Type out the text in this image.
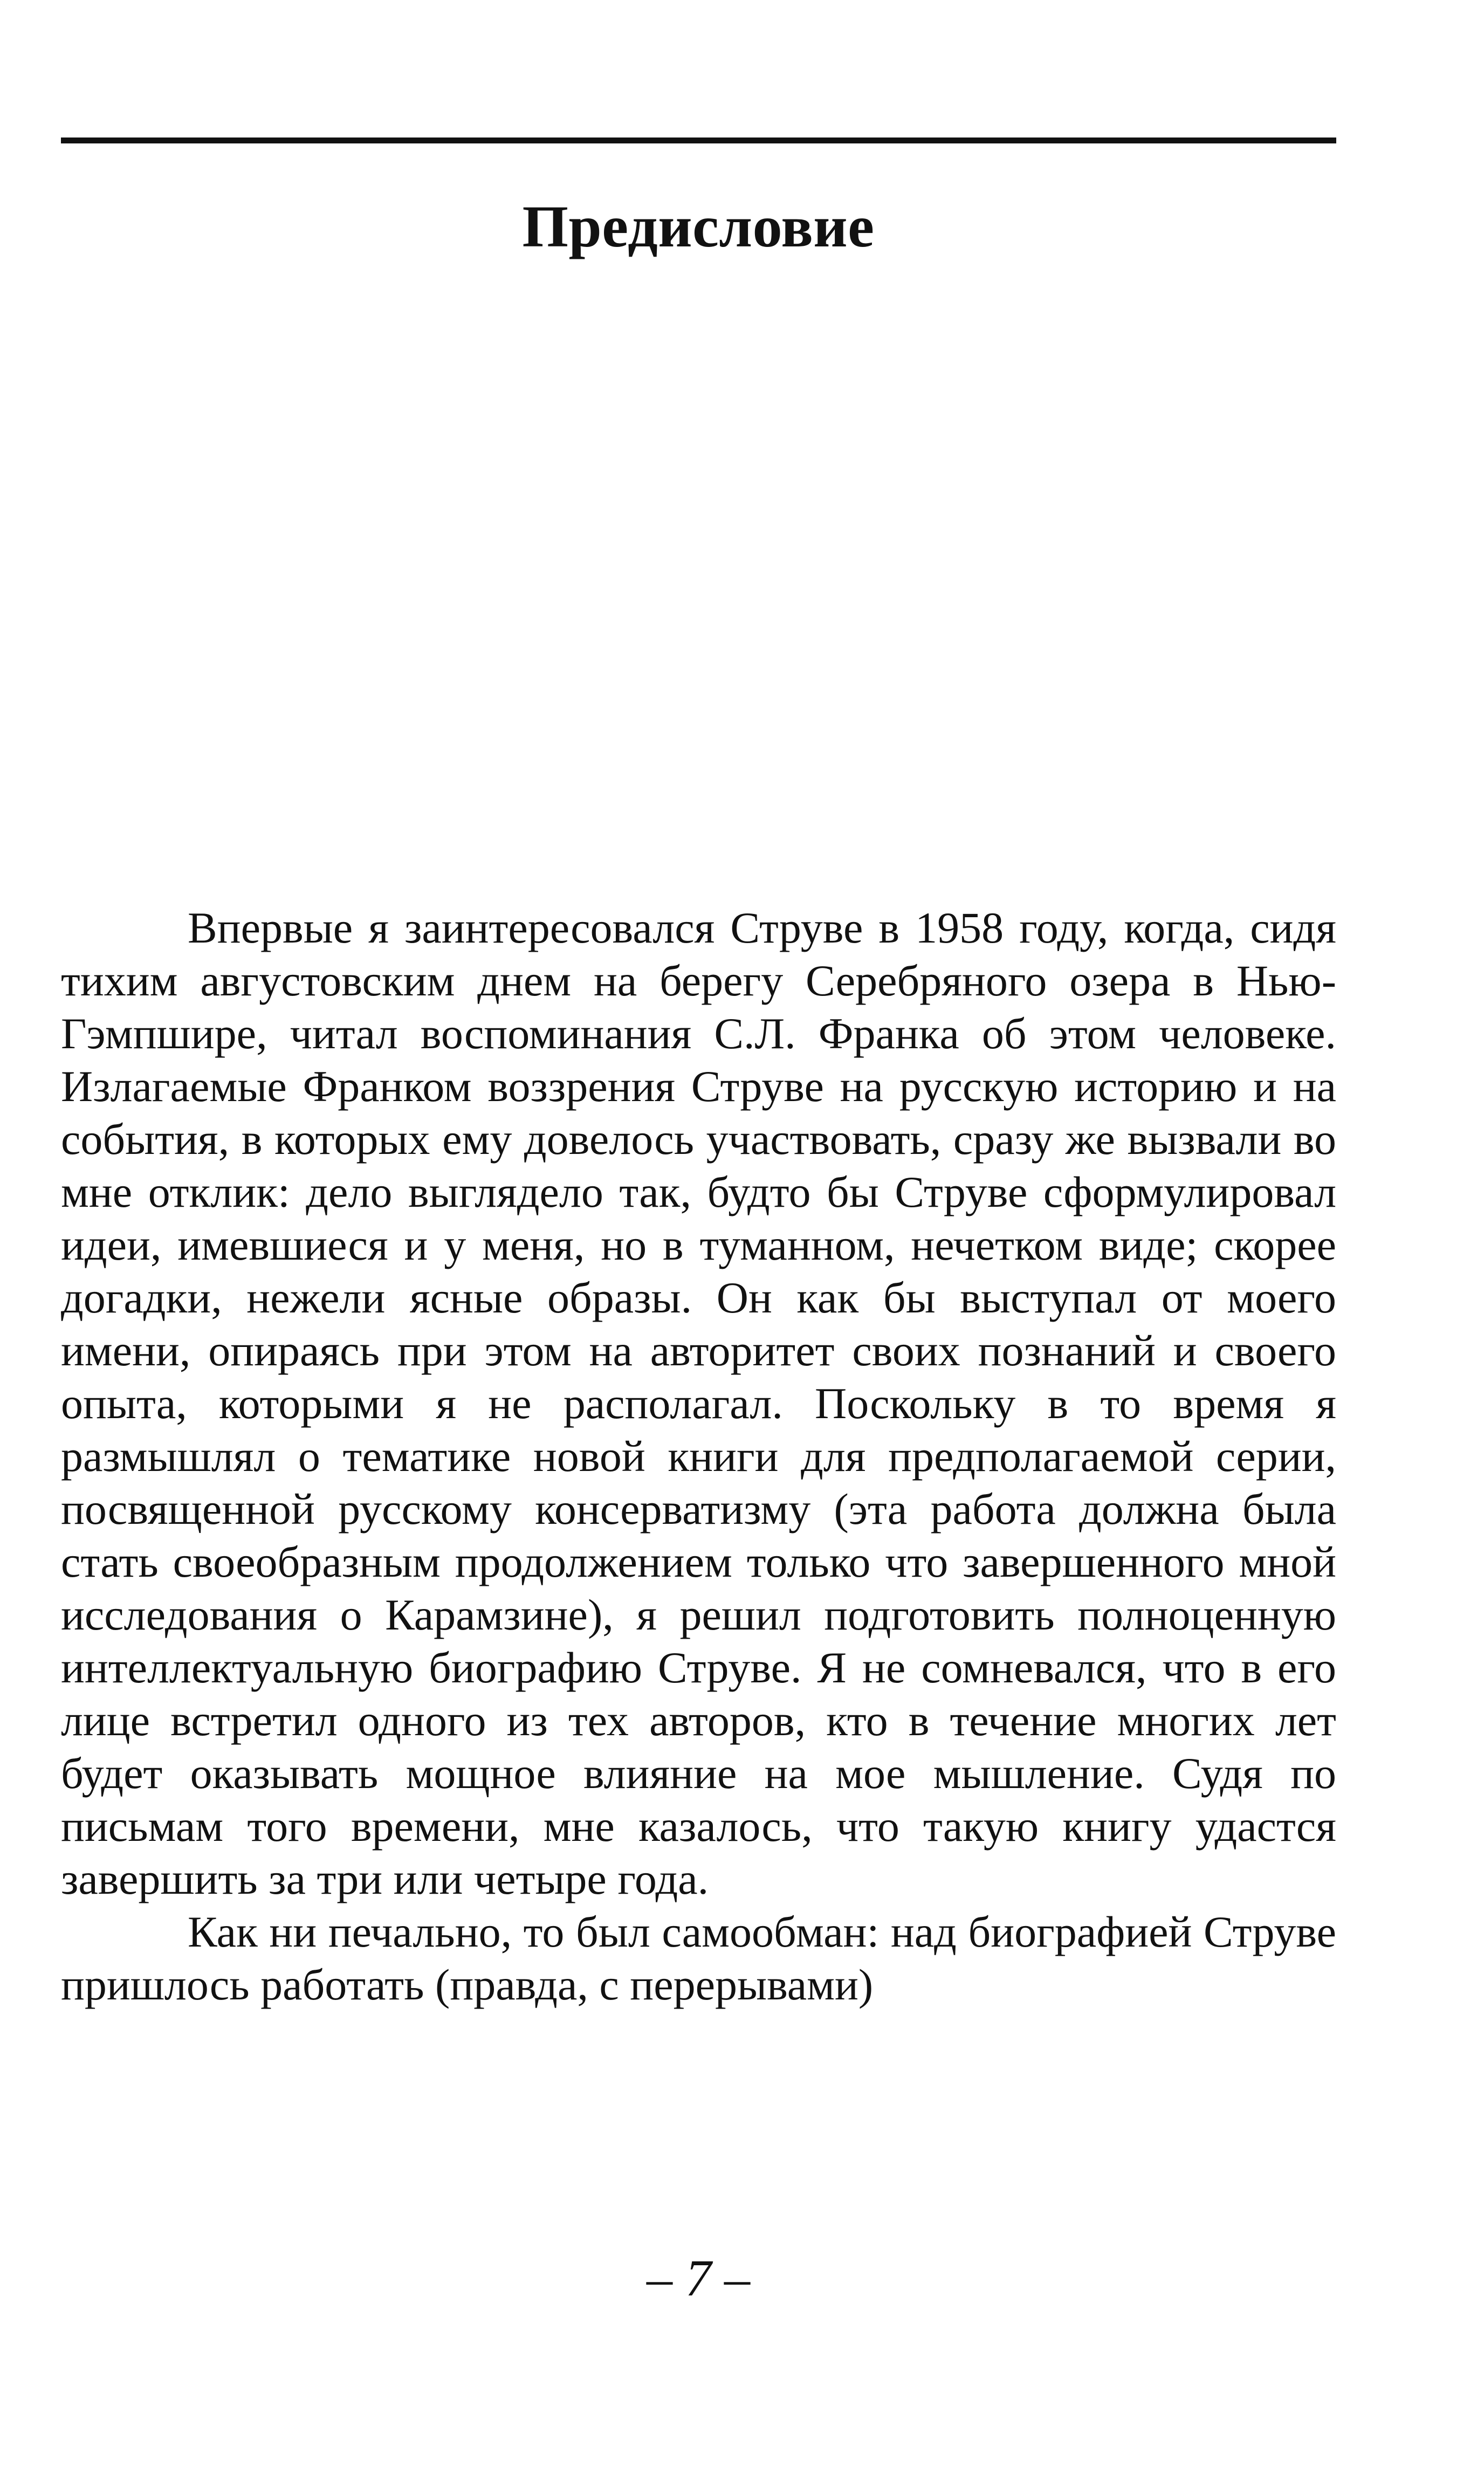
Предисловие

Впервые я заинтересовался Струве в 1958 году, когда, сидя тихим августовским днем на берегу Серебряного озера в Нью-Гэмпшире, читал воспоминания С.Л. Франка об этом человеке. Излагаемые Франком воззрения Струве на русскую историю и на события, в которых ему довелось участвовать, сразу же вызвали во мне отклик: дело выглядело так, будто бы Струве сформулировал идеи, имевшиеся и у меня, но в туманном, нечетком виде; скорее догадки, нежели ясные образы. Он как бы выступал от моего имени, опираясь при этом на авторитет своих познаний и своего опыта, которыми я не располагал. Поскольку в то время я размышлял о тематике новой книги для предполагаемой серии, посвященной русскому консерватизму (эта работа должна была стать своеобразным продолжением только что завершенного мной исследования о Карамзине), я решил подготовить полноценную интеллектуальную биографию Струве. Я не сомневался, что в его лице встретил одного из тех авторов, кто в течение многих лет будет оказывать мощное влияние на мое мышление. Судя по письмам того времени, мне казалось, что такую книгу удастся завершить за три или четыре года.

Как ни печально, то был самообман: над биографией Струве пришлось работать (правда, с перерывами)

– 7 –
